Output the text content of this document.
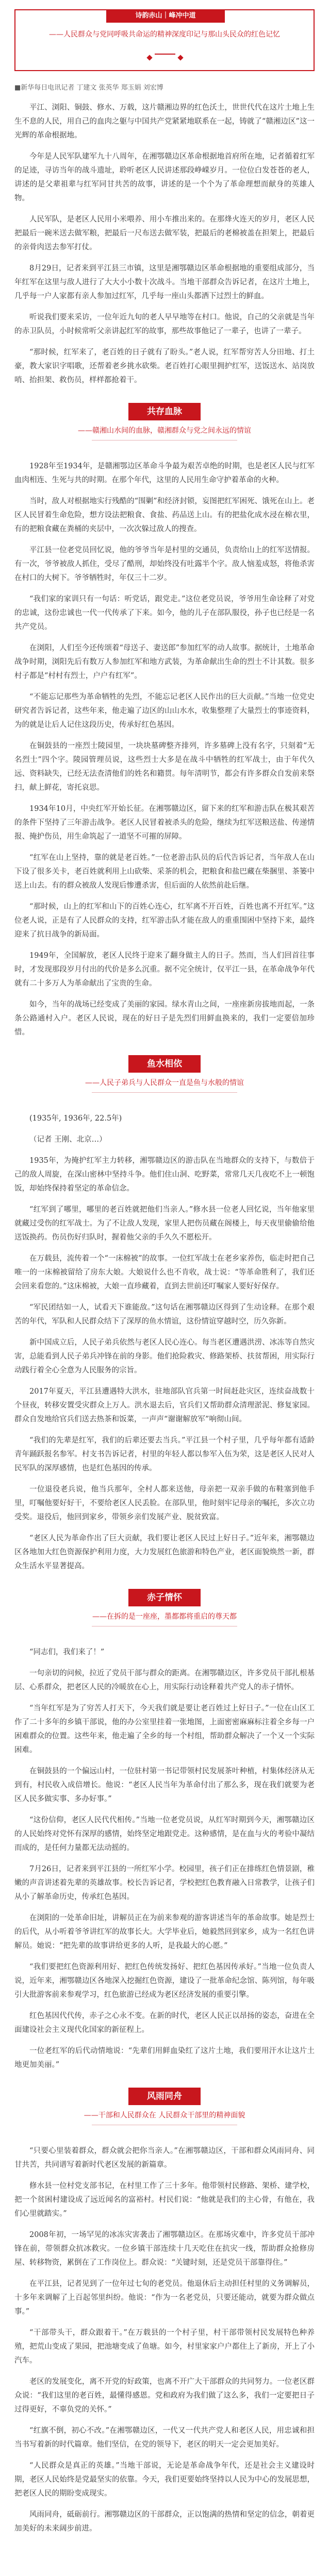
诗韵赤山｜峰冲中道
——人民群众与党同呼吸共命运的精神深度印记与那山头民众的红色记忆
■新华每日电讯记者 丁建文 张英华 郑玉娟 刘宏博

平江、浏阳、铜鼓、修水、万载，这片赣湘边界的红色沃土，世世代代在这片土地上生生不息的人民，用自己的血肉之躯与中国共产党紧紧地联系在一起，铸就了“赣湘边区”这一光辉的革命根据地。

今年是人民军队建军九十八周年，在湘鄂赣边区革命根据地首府所在地，记者循着红军的足迹，寻访当年的战斗遗址，聆听老区人民讲述那段峥嵘岁月。一位位白发苍苍的老人，讲述的是父辈祖辈与红军同甘共苦的故事，讲述的是一个个为了革命理想而献身的英雄人物。

人民军队，是老区人民用小米喂养、用小车推出来的。在那烽火连天的岁月，老区人民把最后一碗米送去做军粮，把最后一尺布送去做军装，把最后的老棉被盖在担架上，把最后的亲骨肉送去参军打仗。

8月29日，记者来到平江县三市镇，这里是湘鄂赣边区革命根据地的重要组成部分，当年红军在这里与敌人进行了大大小小数十次战斗。当地干部群众告诉记者，在这片土地上，几乎每一户人家都有亲人参加过红军，几乎每一座山头都洒下过烈士的鲜血。

听说我们要来采访，一位年近九旬的老人早早地等在村口。他说，自己的父亲就是当年的赤卫队员，小时候常听父亲讲起红军的故事，那些故事他记了一辈子，也讲了一辈子。

“那时候，红军来了，老百姓的日子就有了盼头。”老人说，红军帮穷苦人分田地、打土豪，教大家识字唱歌，还帮着老乡挑水砍柴。老百姓打心眼里拥护红军，送饭送水、站岗放哨、抬担架、救伤员，样样都抢着干。

共存血脉
——赣湘山水间的血脉，赣湘群众与党之间永远的情谊

1928年至1934年，是赣湘鄂边区革命斗争最为艰苦卓绝的时期，也是老区人民与红军血肉相连、生死与共的时期。在那个年代，这里的人民用生命守护着革命的火种。

当时，敌人对根据地实行残酷的“围剿”和经济封锁，妄图把红军困死、饿死在山上。老区人民冒着生命危险，想方设法把粮食、食盐、药品送上山。有的把盐化成水浸在棉衣里，有的把粮食藏在粪桶的夹层中，一次次躲过敌人的搜查。

平江县一位老党员回忆说，他的爷爷当年是村里的交通员，负责给山上的红军送情报。有一次，爷爷被敌人抓住，受尽了酷刑，却始终没有吐露半个字。敌人恼羞成怒，将他杀害在村口的大树下。爷爷牺牲时，年仅三十二岁。

“我们家的家训只有一句话：听党话，跟党走。”这位老党员说，爷爷用生命诠释了对党的忠诚，这份忠诚也一代一代传承了下来。如今，他的儿子在部队服役，孙子也已经是一名共产党员。

在浏阳，人们至今还传颂着“母送子、妻送郎”参加红军的动人故事。据统计，土地革命战争时期，浏阳先后有数万人参加红军和地方武装，为革命献出生命的烈士不计其数。很多村子都是“村村有烈士，户户有红军”。

“不能忘记那些为革命牺牲的先烈，不能忘记老区人民作出的巨大贡献。”当地一位党史研究者告诉记者，这些年来，他走遍了边区的山山水水，收集整理了大量烈士的事迹资料，为的就是让后人记住这段历史，传承好红色基因。

在铜鼓县的一座烈士陵园里，一块块墓碑整齐排列，许多墓碑上没有名字，只刻着“无名烈士”四个字。陵园管理员说，这些烈士大多是在战斗中牺牲的红军战士，由于年代久远、资料缺失，已经无法查清他们的姓名和籍贯。每年清明节，都会有许多群众自发前来祭扫，献上鲜花，寄托哀思。

1934年10月，中央红军开始长征。在湘鄂赣边区，留下来的红军和游击队在极其艰苦的条件下坚持了三年游击战争。老区人民冒着被杀头的危险，继续为红军送粮送盐、传递情报、掩护伤员，用生命筑起了一道坚不可摧的屏障。

“红军在山上坚持，靠的就是老百姓。”一位老游击队员的后代告诉记者，当年敌人在山下设了很多关卡，老百姓就利用上山砍柴、采茶的机会，把粮食和盐巴藏在柴捆里、茶篓中送上山去。有的群众被敌人发现后惨遭杀害，但后面的人依然前赴后继。

“那时候，山上的红军和山下的百姓心连心，红军离不开百姓，百姓也离不开红军。”这位老人说，正是有了人民群众的支持，红军游击队才能在敌人的重重围困中坚持下来，最终迎来了抗日战争的新局面。

1949年，全国解放，老区人民终于迎来了翻身做主人的日子。然而，当人们回首往事时，才发现那段岁月付出的代价是多么沉重。据不完全统计，仅平江一县，在革命战争年代就有二十多万人为革命献出了宝贵的生命。

如今，当年的战场已经变成了美丽的家园。绿水青山之间，一座座新房拔地而起，一条条公路通村入户。老区人民说，现在的好日子是先烈们用鲜血换来的，我们一定要倍加珍惜。

鱼水相依
——人民子弟兵与人民群众一直是鱼与水般的情谊

(1935年, 1936年, 22.5年)

（记者 王刚、北京…）

1935年，为掩护红军主力转移，湘鄂赣边区的游击队在当地群众的支持下，与数倍于己的敌人周旋，在深山密林中坚持斗争。他们住山洞、吃野菜，常常几天几夜吃不上一顿饱饭，却始终保持着坚定的革命信念。

“红军到了哪里，哪里的老百姓就把他们当亲人。”修水县一位老人回忆说，当年他家里就藏过受伤的红军战士。为了不让敌人发现，家里人把伤员藏在阁楼上，每天夜里偷偷给他送饭换药。伤员伤好归队时，握着他父亲的手久久不愿松开。

在万载县，流传着一个“一床棉被”的故事。一位红军战士在老乡家养伤，临走时把自己唯一的一床棉被留给了房东大娘。大娘说什么也不肯收，战士说：“等革命胜利了，我们还会回来看您的。”这床棉被，大娘一直珍藏着，直到去世前还叮嘱家人要好好保存。

“军民团结如一人，试看天下谁能敌。”这句话在湘鄂赣边区得到了生动诠释。在那个艰苦的年代，军队和人民群众结下了深厚的鱼水情谊，这份情谊穿越时空，历久弥新。

新中国成立后，人民子弟兵依然与老区人民心连心。每当老区遭遇洪涝、冰冻等自然灾害，总能看到人民子弟兵冲锋在前的身影。他们抢险救灾、修路架桥、扶贫帮困，用实际行动践行着全心全意为人民服务的宗旨。

2017年夏天，平江县遭遇特大洪水，驻地部队官兵第一时间赶赴灾区，连续奋战数十个昼夜，转移安置受灾群众上万人。洪水退去后，官兵们又帮助群众清理淤泥、修复家园。群众自发地给官兵们送去热茶和饭菜，一声声“谢谢解放军”响彻山间。

“我们的先辈是红军，我们的后辈还要去当兵。”平江县一个村子里，几乎每年都有适龄青年踊跃报名参军。村支书告诉记者，村里的年轻人都以参军入伍为荣，这是老区人民对人民军队的深厚感情，也是红色基因的传承。

一位退役老兵说，他当兵那年，全村人都来送他，母亲把一双亲手做的布鞋塞到他手里，叮嘱他要好好干，不要给老区人民丢脸。在部队里，他时刻牢记母亲的嘱托，多次立功受奖。退役后，他回到家乡，带领乡亲们发展产业、脱贫致富。

“老区人民为革命作出了巨大贡献，我们要让老区人民过上好日子。”近年来，湘鄂赣边区各地加大红色资源保护利用力度，大力发展红色旅游和特色产业，老区面貌焕然一新，群众生活水平显著提高。

赤子情怀
——在拆的是一座座，墨都都将重启的尊天都

“同志们，我们来了！”

一句亲切的问候，拉近了党员干部与群众的距离。在湘鄂赣边区，许多党员干部扎根基层、心系群众，把老区人民的冷暖放在心上，用实际行动诠释着共产党人的赤子情怀。

“当年红军是为了穷苦人打天下，今天我们就是要让老百姓过上好日子。”一位在山区工作了二十多年的乡镇干部说，他的办公室里挂着一张地图，上面密密麻麻标注着全乡每一户困难群众的位置。这些年来，他走遍了全乡的每一个村组，帮助群众解决了一个又一个实际困难。

在铜鼓县的一个偏远山村，一位驻村第一书记带领村民发展茶叶种植，村集体经济从无到有，村民收入成倍增长。他说：“老区人民当年为革命付出了那么多，现在我们就要为老区人民多做实事、多办好事。”

“这份信仰，老区人民代代相传。”当地一位老党员说，从红军时期到今天，湘鄂赣边区的人民始终对党怀有深厚的感情，始终坚定地跟党走。这种感情，是在血与火的考验中凝结而成的，是任何力量都无法动摇的。

7月26日，记者来到平江县的一所红军小学。校园里，孩子们正在排练红色情景剧，稚嫩的声音讲述着先辈的英雄故事。校长告诉记者，学校把红色教育融入日常教学，让孩子们从小了解革命历史，传承红色基因。

在浏阳的一处革命旧址，讲解员正在为前来参观的游客讲述当年的革命故事。她是烈士的后代，从小听着爷爷讲红军的故事长大。大学毕业后，她毅然回到家乡，成为一名红色讲解员。她说：“把先辈的故事讲给更多的人听，是我最大的心愿。”

“我们要把红色资源利用好、把红色传统发扬好、把红色基因传承好。”当地一位负责人说，近年来，湘鄂赣边区各地深入挖掘红色资源，建设了一批革命纪念馆、陈列馆，每年吸引大批游客前来参观学习，红色旅游已经成为老区经济发展的重要引擎。

红色基因代代传，赤子之心永不变。在新的时代，老区人民正以昂扬的姿态，奋进在全面建设社会主义现代化国家的新征程上。

一位老红军的后代动情地说：“先辈们用鲜血染红了这片土地，我们要用汗水让这片土地更加美丽。”

风雨同舟
——干部和人民群众在 人民群众干部里的精神面貌

“只要心里装着群众，群众就会把你当亲人。”在湘鄂赣边区，干部和群众风雨同舟、同甘共苦，共同谱写着新时代老区发展的新篇章。

修水县一位村党支部书记，在村里工作了三十多年。他带领村民修路、架桥、建学校，把一个贫困村建设成了远近闻名的富裕村。村民们说：“他就是我们的主心骨，有他在，我们心里就踏实。”

2008年初，一场罕见的冰冻灾害袭击了湘鄂赣边区。在那场灾难中，许多党员干部冲锋在前，带领群众抗冰救灾。一位乡镇干部连续十几天吃住在抗灾一线，帮助群众抢修房屋、转移物资，累倒在了工作岗位上。群众说：“关键时刻，还是党员干部靠得住。”

在平江县，记者见到了一位年过七旬的老党员。他退休后主动担任村里的义务调解员，十多年来调解了上百起邻里纠纷。他说：“作为一名老党员，只要还能动，就要为群众做点事。”

“干部带头干，群众跟着干。”在万载县的一个村子里，村干部带领村民发展特色种养殖，把荒山变成了果园，把池塘变成了鱼塘。如今，村里家家户户都住上了新房，开上了小汽车。

老区的发展变化，离不开党的好政策，也离不开广大干部群众的共同努力。一位老区群众说：“我们这里的老百姓，最懂得感恩。党和政府为我们做了这么多，我们一定要把日子过得更好，不辜负党的关怀。”

“红旗不倒，初心不改。”在湘鄂赣边区，一代又一代共产党人和老区人民，用忠诚和担当书写着新的时代篇章。他们坚信，在党的领导下，老区的明天一定会更加美好。

“人民群众是真正的英雄。”当地干部说，无论是革命战争年代，还是社会主义建设时期，老区人民始终是党最坚实的依靠。今天，我们更要始终坚持以人民为中心的发展思想，把老区人民的期盼变成现实。

风雨同舟，砥砺前行。湘鄂赣边区的干部群众，正以饱满的热情和坚定的信念，朝着更加美好的未来阔步前进。
